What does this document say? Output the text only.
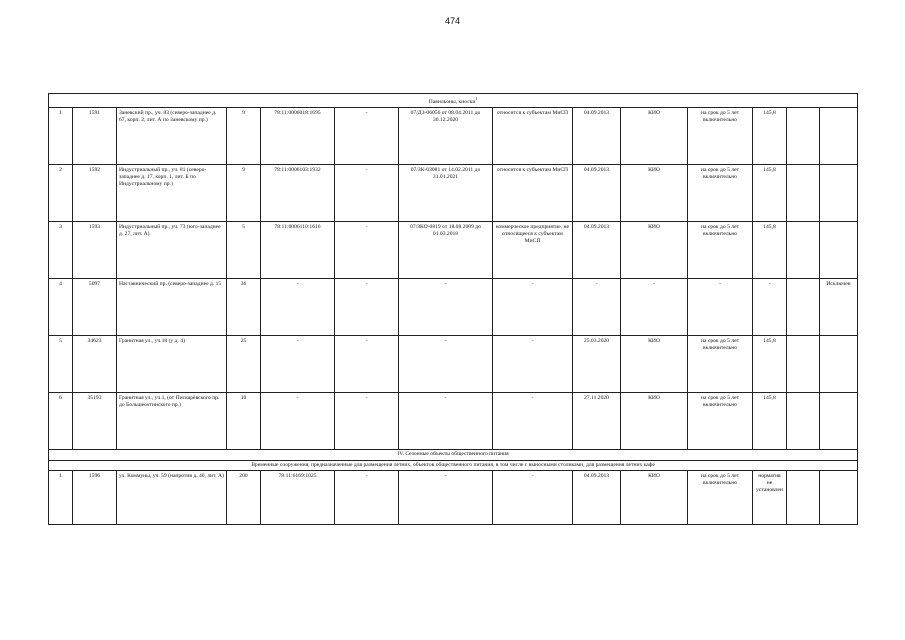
474
Павильоны, киоски$^1$
1	1591	Заневский пр., уч. 83 (северо-западнее д. 67, корп. 2, лит. А по Заневскому пр.)	9	78:11:0006018:1695	-	07/ДЗ-06056 от 08.04.2011 до 30.12.2020	относится к субъектам МиСП	04.09.2013	КИО	на срок до 5 лет включительно	145,8		
2	1592	Индустриальный пр., уч. 81 (северо-западнее д. 17, корп. 1, лит. Б по Индустриальному пр.)	9	78:11:0006103:1932	-	07/ЗК-03081 от 14.02.2011 до 31.01.2021	относится к субъектам МиСП	04.09.2013	КИО	на срок до 5 лет включительно	145,8		
3	1593	Индустриальный пр., уч. 73 (юго-западнее д. 27, лит. А)	5	78:11:0006110:1616	-	07/ЗКО-0819 от 18.08.2009 до 01.03.2018	коммерческое предприятие, не относящееся к субъектам МиСП	04.09.2013	КИО	на срок до 5 лет включительно	145,8		
4	5097	Наставнический пр. (северо-западнее д. 15	36	-	-	-	-	-	-	-	-		Исключен
5	34623	Гранитная ул., уч.18 (у д. 4)	25	-	-	-	-	25.03.2020	КИО	на срок до 5 лет включительно	145,8		
6	35193	Гранитная ул., уч.1, (от Пискарёвского пр. до Большеохтинского пр.)	10	-	-	-	-	27.11.2020	КИО	на срок до 5 лет включительно	145,8		
IV. Сезонные объекты общественного питания													
Временные сооружения, предназначенные для размещения летних, объектов общественного питания, в том числе с выносными столиками, для размещения летних кафе													
1	1596	ул. Коммуны, уч. 59 (напротив д. 40, лит. А)	200	78:11:6169:1025	-	-	-	04.09.2013	КИО	на срок до 5 лет включительно	норматив не установлен		
